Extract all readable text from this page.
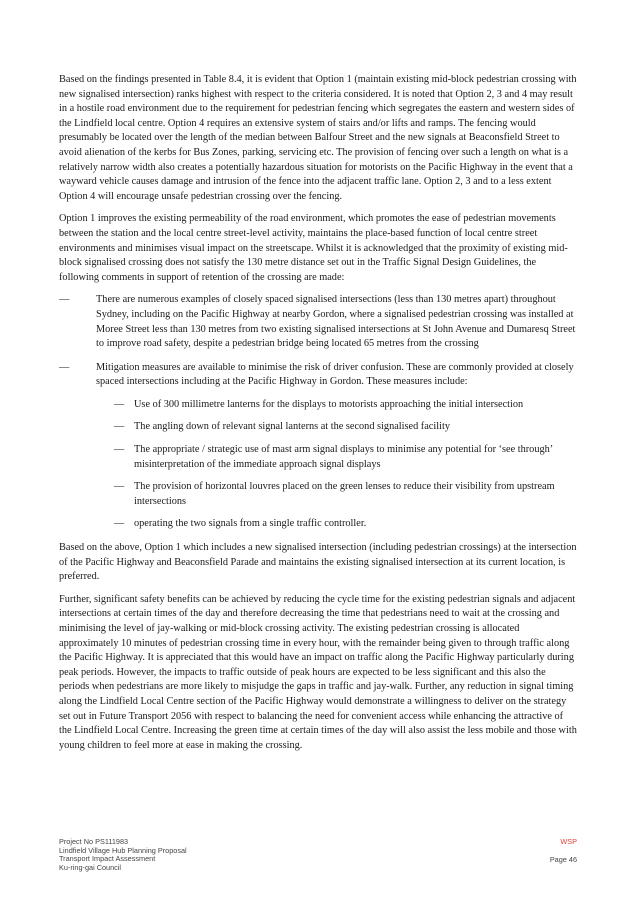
Based on the findings presented in Table 8.4, it is evident that Option 1 (maintain existing mid-block pedestrian crossing with new signalised intersection) ranks highest with respect to the criteria considered. It is noted that Option 2, 3 and 4 may result in a hostile road environment due to the requirement for pedestrian fencing which segregates the eastern and western sides of the Lindfield local centre. Option 4 requires an extensive system of stairs and/or lifts and ramps. The fencing would presumably be located over the length of the median between Balfour Street and the new signals at Beaconsfield Street to avoid alienation of the kerbs for Bus Zones, parking, servicing etc. The provision of fencing over such a length on what is a relatively narrow width also creates a potentially hazardous situation for motorists on the Pacific Highway in the event that a wayward vehicle causes damage and intrusion of the fence into the adjacent traffic lane. Option 2, 3 and to a less extent Option 4 will encourage unsafe pedestrian crossing over the fencing.

Option 1 improves the existing permeability of the road environment, which promotes the ease of pedestrian movements between the station and the local centre street-level activity, maintains the place-based function of local centre street environments and minimises visual impact on the streetscape. Whilst it is acknowledged that the proximity of existing mid-block signalised crossing does not satisfy the 130 metre distance set out in the Traffic Signal Design Guidelines, the following comments in support of retention of the crossing are made:

—	There are numerous examples of closely spaced signalised intersections (less than 130 metres apart) throughout Sydney, including on the Pacific Highway at nearby Gordon, where a signalised pedestrian crossing was installed at Moree Street less than 130 metres from two existing signalised intersections at St John Avenue and Dumaresq Street to improve road safety, despite a pedestrian bridge being located 65 metres from the crossing
—	Mitigation measures are available to minimise the risk of driver confusion. These are commonly provided at closely spaced intersections including at the Pacific Highway in Gordon. These measures include:
— Use of 300 millimetre lanterns for the displays to motorists approaching the initial intersection
— The angling down of relevant signal lanterns at the second signalised facility
— The appropriate / strategic use of mast arm signal displays to minimise any potential for ‘see through’ misinterpretation of the immediate approach signal displays
— The provision of horizontal louvres placed on the green lenses to reduce their visibility from upstream intersections
— operating the two signals from a single traffic controller.

Based on the above, Option 1 which includes a new signalised intersection (including pedestrian crossings) at the intersection of the Pacific Highway and Beaconsfield Parade and maintains the existing signalised intersection at its current location, is preferred.

Further, significant safety benefits can be achieved by reducing the cycle time for the existing pedestrian signals and adjacent intersections at certain times of the day and therefore decreasing the time that pedestrians need to wait at the crossing and minimising the level of jay-walking or mid-block crossing activity. The existing pedestrian crossing is allocated approximately 10 minutes of pedestrian crossing time in every hour, with the remainder being given to through traffic along the Pacific Highway. It is appreciated that this would have an impact on traffic along the Pacific Highway particularly during peak periods. However, the impacts to traffic outside of peak hours are expected to be less significant and this also the periods when pedestrians are more likely to misjudge the gaps in traffic and jay-walk. Further, any reduction in signal timing along the Lindfield Local Centre section of the Pacific Highway would demonstrate a willingness to deliver on the strategy set out in Future Transport 2056 with respect to balancing the need for convenient access while enhancing the attractive of the Lindfield Local Centre. Increasing the green time at certain times of the day will also assist the less mobile and those with young children to feel more at ease in making the crossing.

Project No PS111983
Lindfield Village Hub Planning Proposal
Transport Impact Assessment
Ku-ring-gai Council
WSP
Page 46
